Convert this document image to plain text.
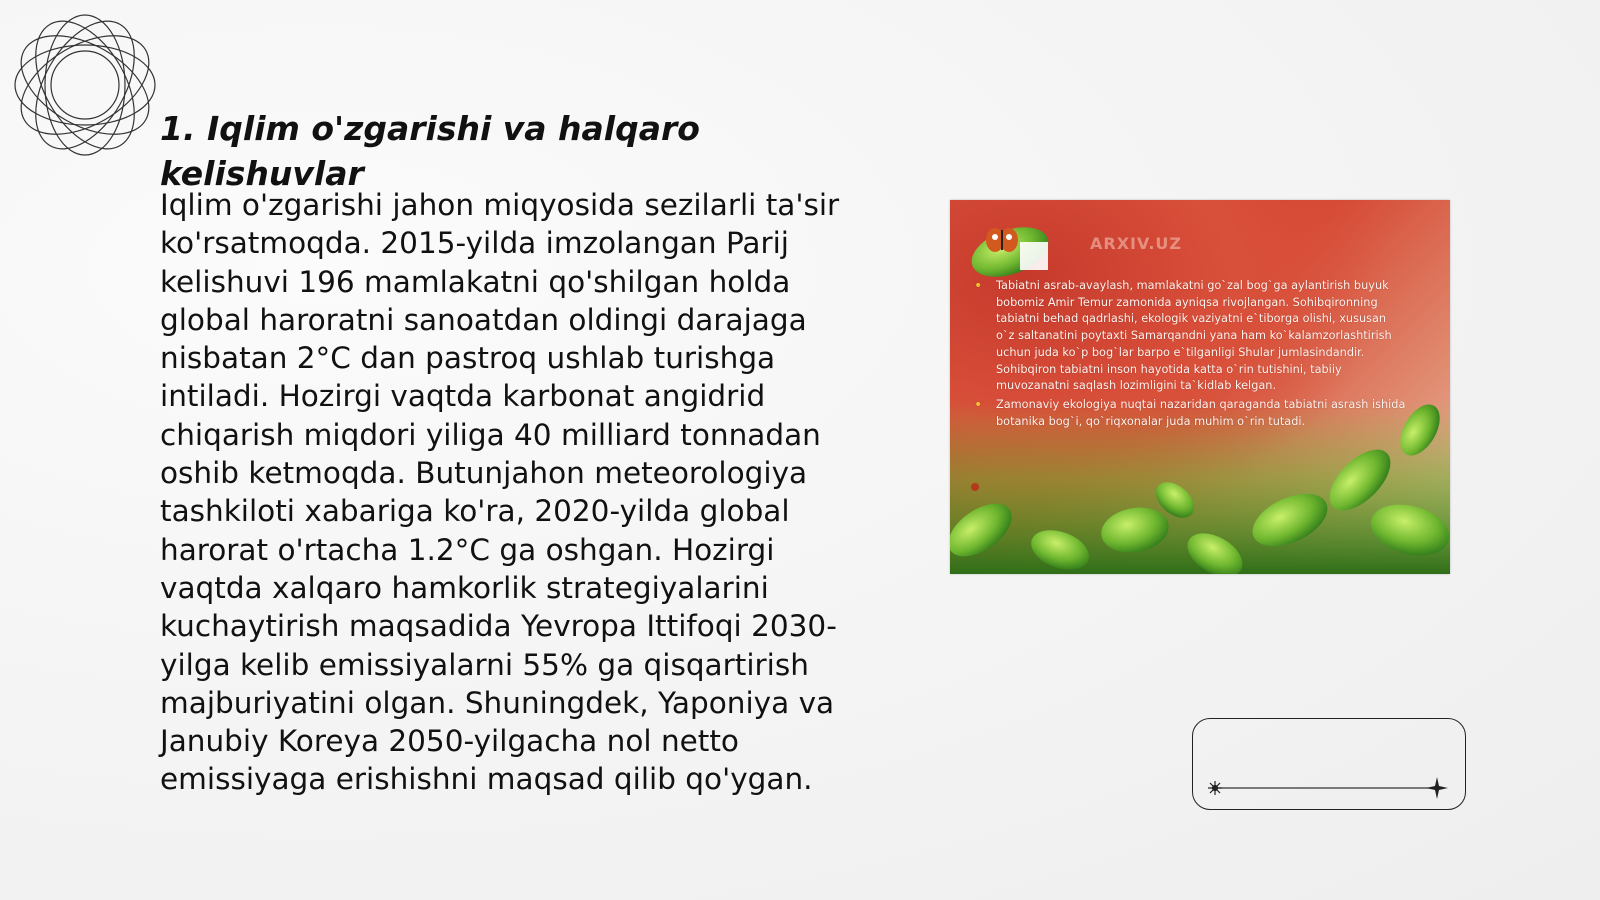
1. Iqlim o'zgarishi va halqaro kelishuvlar

Iqlim o'zgarishi jahon miqyosida sezilarli ta'sir ko'rsatmoqda. 2015-yilda imzolangan Parij kelishuvi 196 mamlakatni qo'shilgan holda global haroratni sanoatdan oldingi darajaga nisbatan 2°C dan pastroq ushlab turishga intiladi. Hozirgi vaqtda karbonat angidrid chiqarish miqdori yiliga 40 milliard tonnadan oshib ketmoqda. Butunjahon meteorologiya tashkiloti xabariga ko'ra, 2020-yilda global harorat o'rtacha 1.2°C ga oshgan. Hozirgi vaqtda xalqaro hamkorlik strategiyalarini kuchaytirish maqsadida Yevropa Ittifoqi 2030-yilga kelib emissiyalarni 55% ga qisqartirish majburiyatini olgan. Shuningdek, Yaponiya va Janubiy Koreya 2050-yilgacha nol netto emissiyaga erishishni maqsad qilib qo'ygan.

ARXIV.UZ
• Tabiatni asrab-avaylash, mamlakatni go`zal bog`ga aylantirish buyuk bobomiz Amir Temur zamonida ayniqsa rivojlangan. Sohibqironning tabiatni behad qadrlashi, ekologik vaziyatni e`tiborga olishi, xususan o`z saltanatini poytaxti Samarqandni yana ham ko`kalamzorlashtirish uchun juda ko`p bog`lar barpo e`tilganligi Shular jumlasindandir. Sohibqiron tabiatni inson hayotida katta o`rin tutishini, tabiiy muvozanatni saqlash lozimligini ta`kidlab kelgan.
• Zamonaviy ekologiya nuqtai nazaridan qaraganda tabiatni asrash ishida botanika bog`i, qo`riqxonalar juda muhim o`rin tutadi.
